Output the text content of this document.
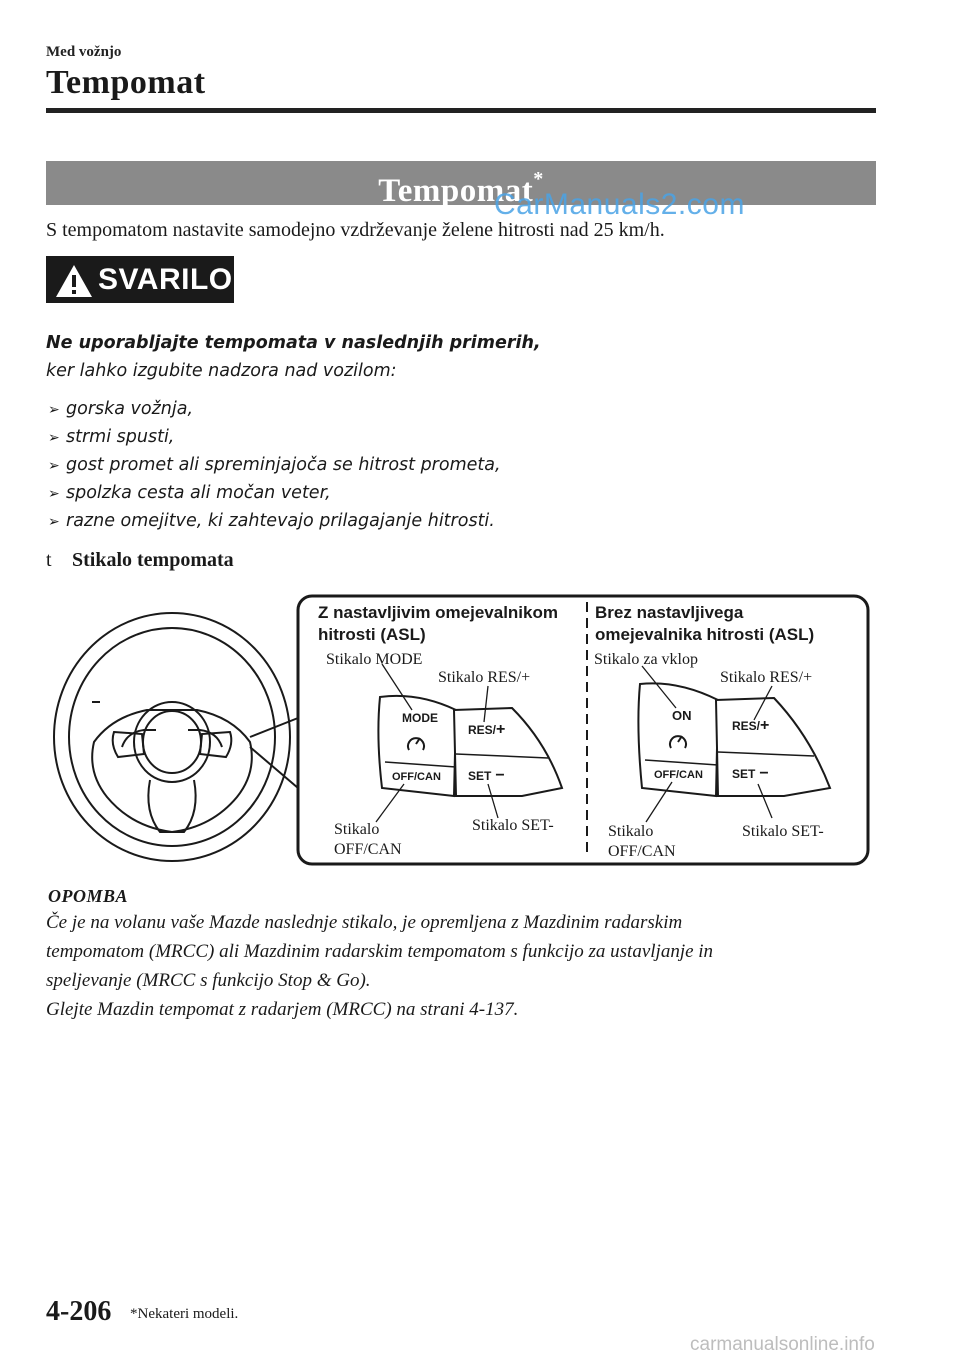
Med vožnjo
Tempomat
Tempomat*
CarManuals2.com
S tempomatom nastavite samodejno vzdrževanje želene hitrosti nad 25 km/h.
SVARILO
Ne uporabljajte tempomata v naslednjih primerih,
ker lahko izgubite nadzora nad vozilom:
➢ gorska vožnja,
➢ strmi spusti,
➢ gost promet ali spreminjajoča se hitrost prometa,
➢ spolzka cesta ali močan veter,
➢ razne omejitve, ki zahtevajo prilagajanje hitrosti.
t Stikalo tempomata
Z nastavljivim omejevalnikom
hitrosti (ASL)
Brez nastavljivega
omejevalnika hitrosti (ASL)
MODE
OFF/CAN
RES/+
SET −
Stikalo MODE
Stikalo RES/+
Stikalo
OFF/CAN
Stikalo SET-
ON
OFF/CAN
RES/+
SET −
Stikalo za vklop
Stikalo RES/+
Stikalo
OFF/CAN
Stikalo SET-
OPOMBA
Če je na volanu vaše Mazde naslednje stikalo, je opremljena z Mazdinim radarskim
tempomatom (MRCC) ali Mazdinim radarskim tempomatom s funkcijo za ustavljanje in
speljevanje (MRCC s funkcijo Stop & Go).
Glejte Mazdin tempomat z radarjem (MRCC) na strani 4-137.
4-206 *Nekateri modeli.
carmanualsonline.info
